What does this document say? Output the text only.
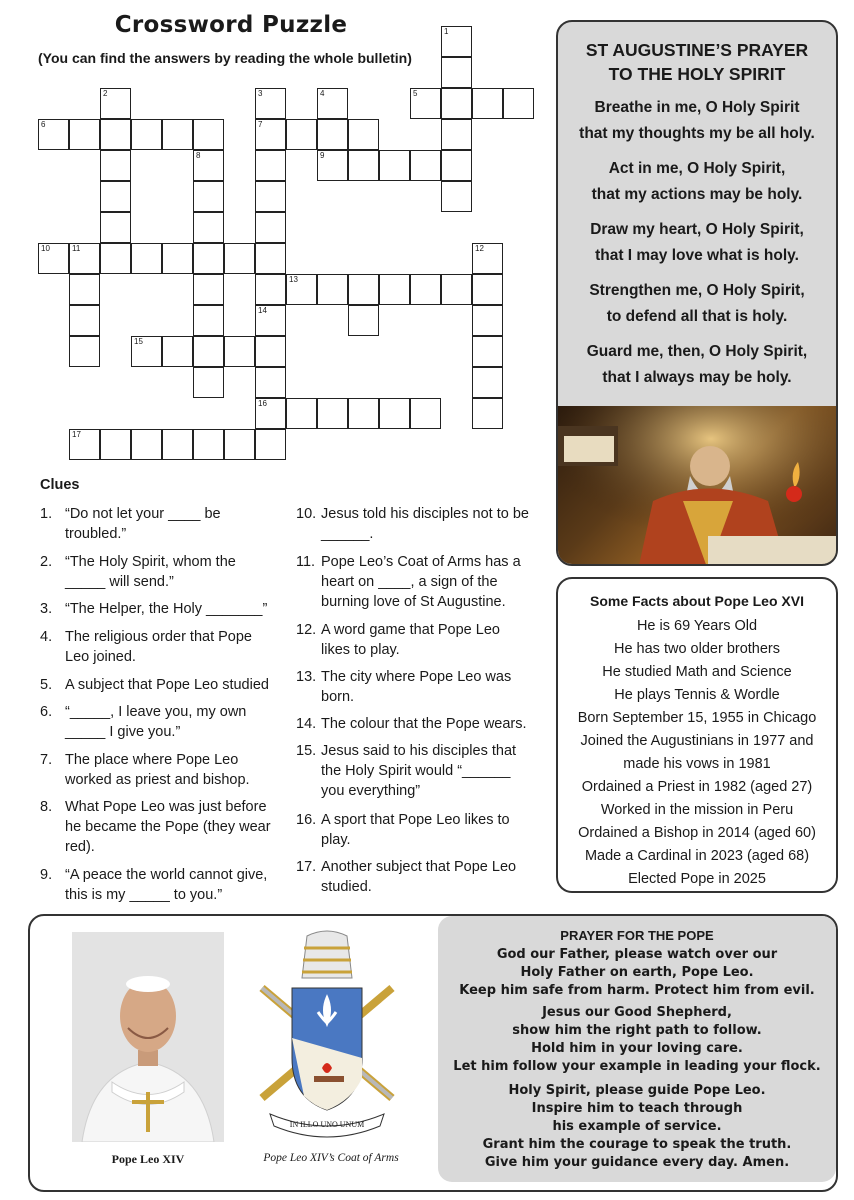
Crossword Puzzle
(You can find the answers by reading the whole bulletin)
1
2	3
7
14
4
9
5
6
8
10	11	12
13
15
16
17
Clues
1. “Do not let your ____ be
troubled.”
2. “The Holy Spirit, whom the
_____ will send.”
3. “The Helper, the Holy _______”
4. The religious order that Pope
Leo joined.
5. A subject that Pope Leo studied
6. “_____, I leave you, my own
_____ I give you.”
7. The place where Pope Leo
worked as priest and bishop.
8. What Pope Leo was just before
he became the Pope (they wear
red).
9. “A peace the world cannot give,
this is my _____ to you.”
10. Jesus told his disciples not to be
______.
11. Pope Leo’s Coat of Arms has a
heart on ____, a sign of the
burning love of St Augustine.
12. A word game that Pope Leo
likes to play.
13. The city where Pope Leo was
born.
14. The colour that the Pope wears.
15. Jesus said to his disciples that
the Holy Spirit would “______
you everything”
16. A sport that Pope Leo likes to
play.
17. Another subject that Pope Leo
studied.
ST AUGUSTINE’S PRAYER
TO THE HOLY SPIRIT
Breathe in me, O Holy Spirit
that my thoughts my be all holy.
Act in me, O Holy Spirit,
that my actions may be holy.
Draw my heart, O Holy Spirit,
that I may love what is holy.
Strengthen me, O Holy Spirit,
to defend all that is holy.
Guard me, then, O Holy Spirit,
that I always may be holy.
Some Facts about Pope Leo XVI
He is 69 Years Old
He has two older brothers
He studied Math and Science
He plays Tennis & Wordle
Born September 15, 1955 in Chicago
Joined the Augustinians in 1977 and
made his vows in 1981
Ordained a Priest in 1982 (aged 27)
Worked in the mission in Peru
Ordained a Bishop in 2014 (aged 60)
Made a Cardinal in 2023 (aged 68)
Elected Pope in 2025
Pope Leo XIV
IN ILLO UNO UNUM
Pope Leo XIV’s Coat of Arms
PRAYER FOR THE POPE
God our Father, please watch over our
Holy Father on earth, Pope Leo.
Keep him safe from harm. Protect him from evil.
Jesus our Good Shepherd,
show him the right path to follow.
Hold him in your loving care.
Let him follow your example in leading your flock.
Holy Spirit, please guide Pope Leo.
Inspire him to teach through
his example of service.
Grant him the courage to speak the truth.
Give him your guidance every day. Amen.
